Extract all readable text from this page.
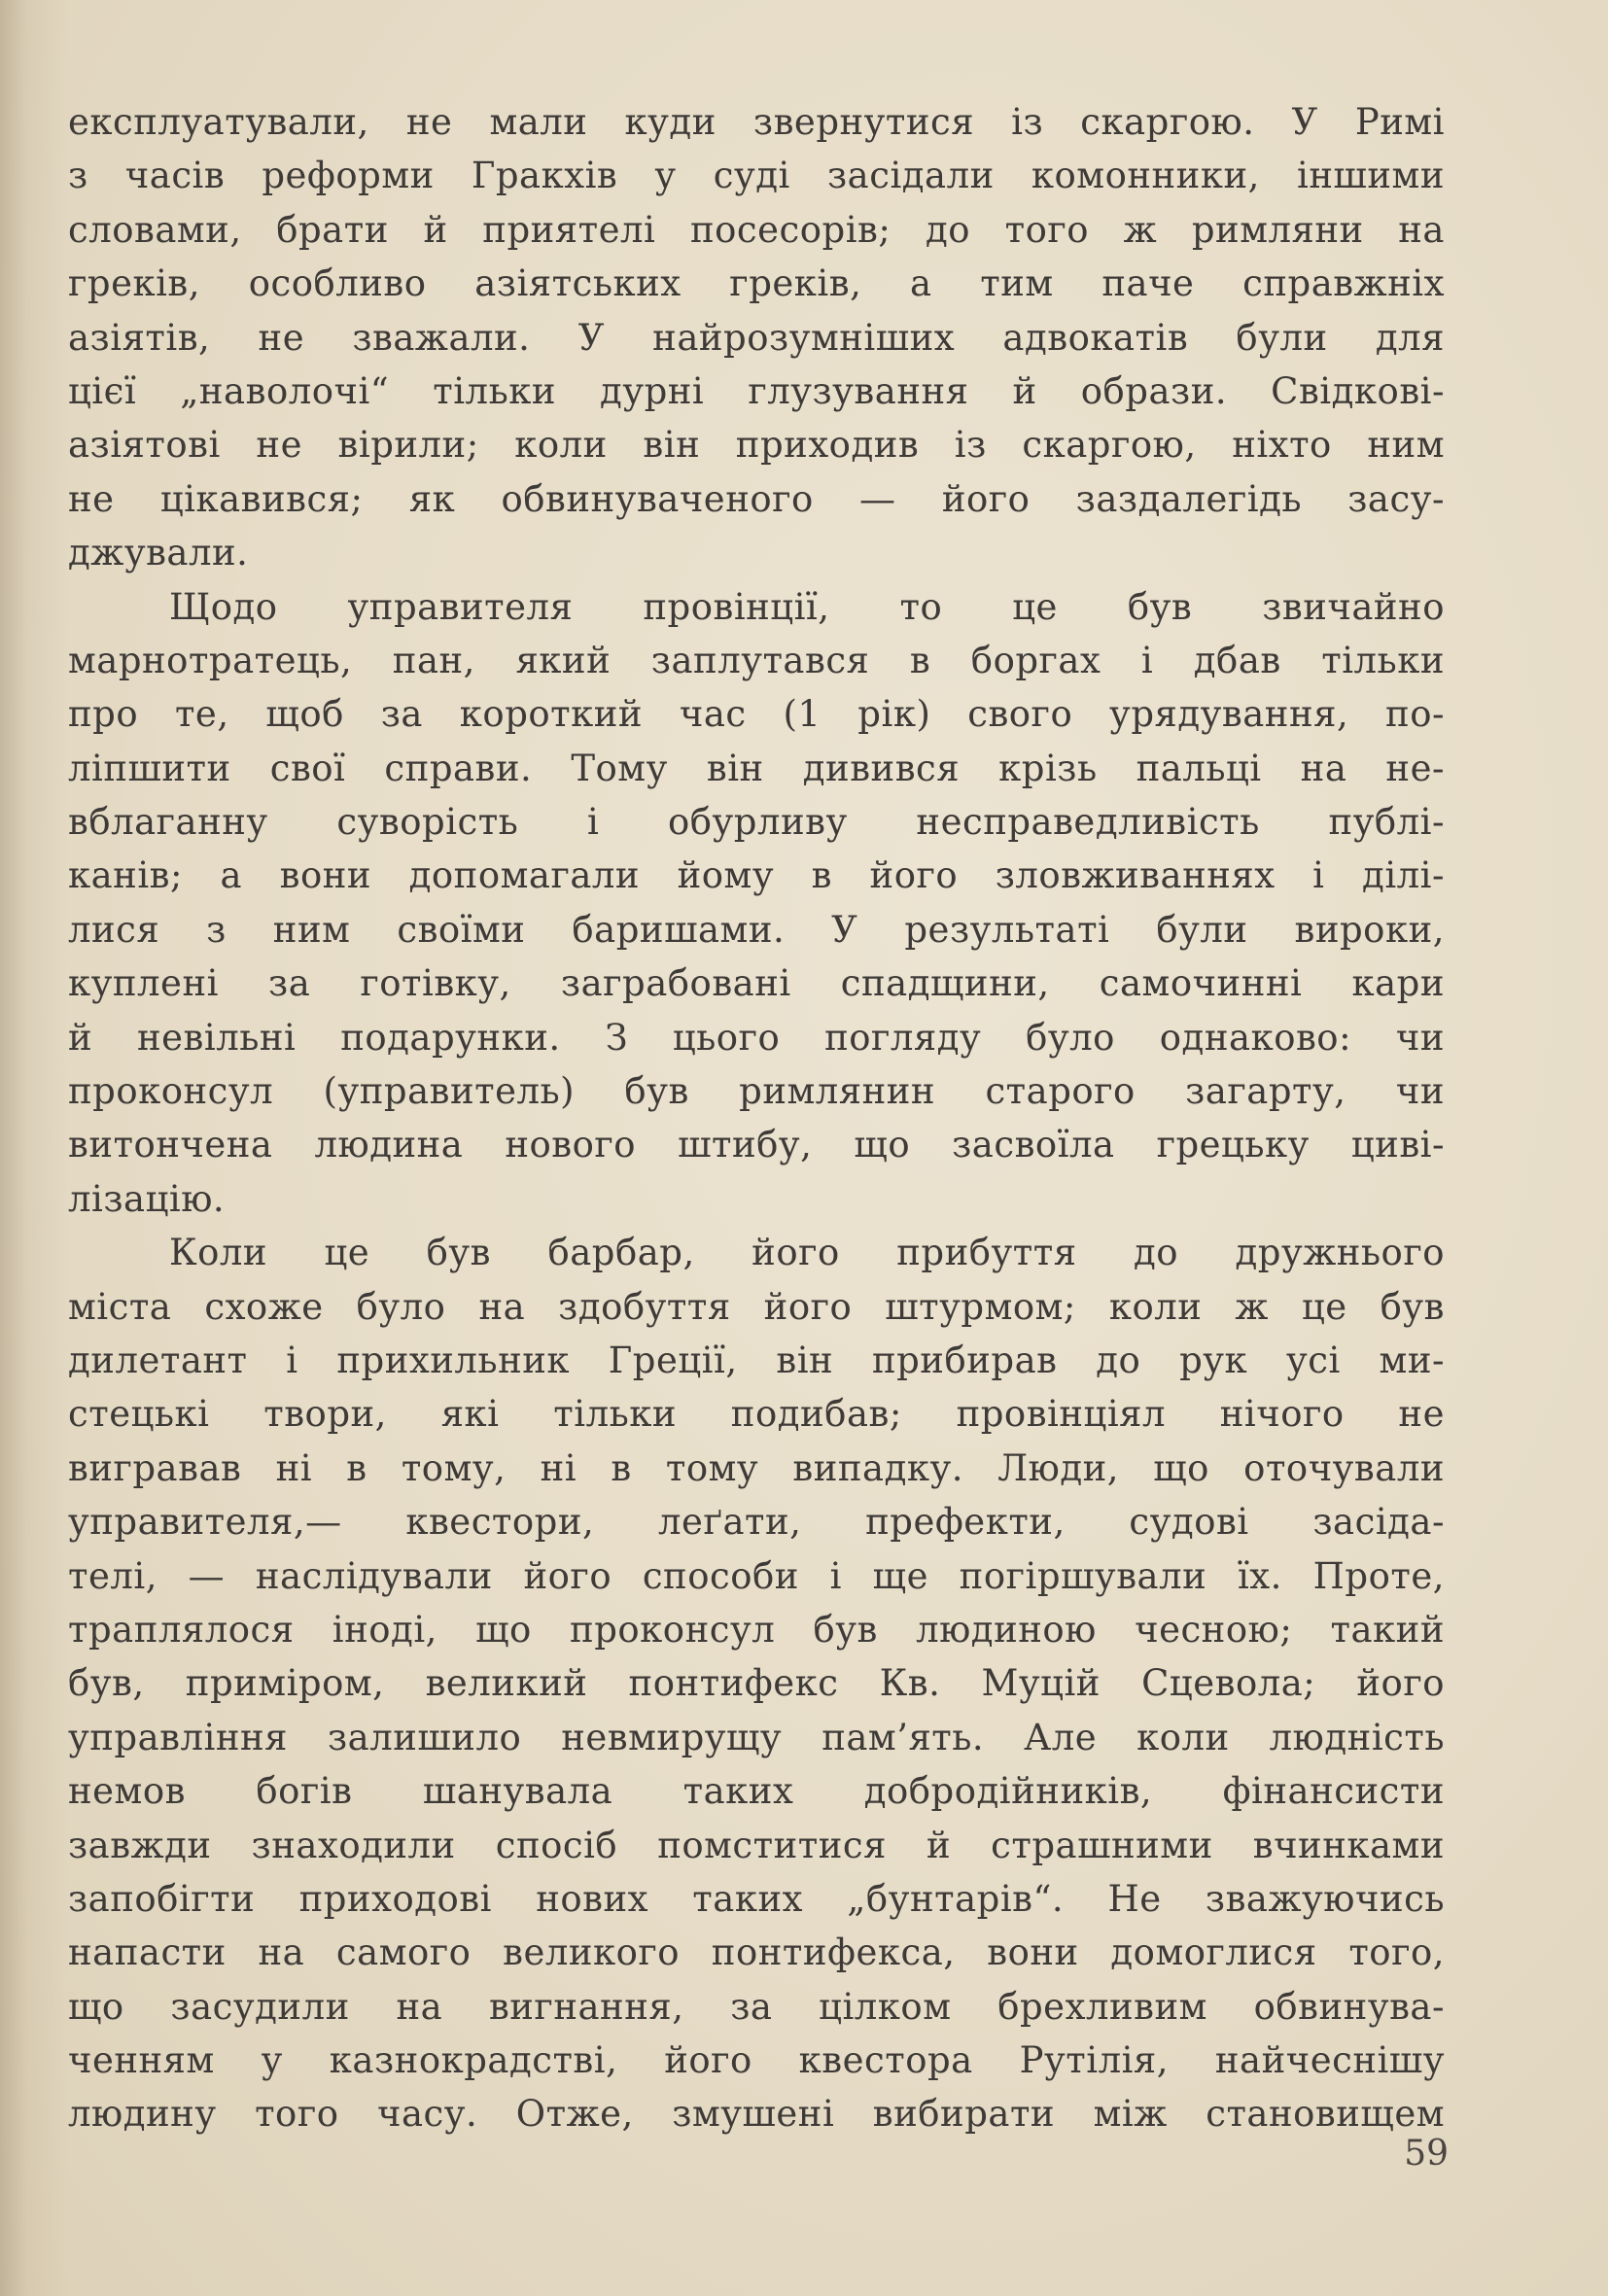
експлуатували, не мали куди звернутися із скаргою. У Римі
з часів реформи Гракхів у суді засідали комонники, іншими
словами, брати й приятелі посесорів; до того ж римляни на
греків, особливо азіятських греків, а тим паче справжніх
азіятів, не зважали. У найрозумніших адвокатів були для
цієї „наволочі“ тільки дурні глузування й образи. Свідкові-
азіятові не вірили; коли він приходив із скаргою, ніхто ним
не цікавився; як обвинуваченого — його заздалегідь засу-
джували.
Щодо управителя провінції, то це був звичайно
марнотратець, пан, який заплутався в боргах і дбав тільки
про те, щоб за короткий час (1 рік) свого урядування, по-
ліпшити свої справи. Тому він дивився крізь пальці на не-
вблаганну суворість і обурливу несправедливість публі-
канів; а вони допомагали йому в його зловживаннях і ділі-
лися з ним своїми баришами. У результаті були вироки,
куплені за готівку, заграбовані спадщини, самочинні кари
й невільні подарунки. З цього погляду було однаково: чи
проконсул (управитель) був римлянин старого загарту, чи
витончена людина нового штибу, що засвоїла грецьку циві-
лізацію.
Коли це був барбар, його прибуття до дружнього
міста схоже було на здобуття його штурмом; коли ж це був
дилетант і прихильник Греції, він прибирав до рук усі ми-
стецькі твори, які тільки подибав; провінціял нічого не
вигравав ні в тому, ні в тому випадку. Люди, що оточували
управителя,— квестори, леґати, префекти, судові засіда-
телі, — наслідували його способи і ще погіршували їх. Проте,
траплялося іноді, що проконсул був людиною чесною; такий
був, приміром, великий понтифекс Кв. Муцій Сцевола; його
управління залишило невмирущу пам’ять. Але коли людність
немов богів шанувала таких добродійників, фінансисти
завжди знаходили спосіб помститися й страшними вчинками
запобігти приходові нових таких „бунтарів“. Не зважуючись
напасти на самого великого понтифекса, вони домоглися того,
що засудили на вигнання, за цілком брехливим обвинува-
ченням у казнокрадстві, його квестора Рутілія, найчеснішу
людину того часу. Отже, змушені вибирати між становищем
59
